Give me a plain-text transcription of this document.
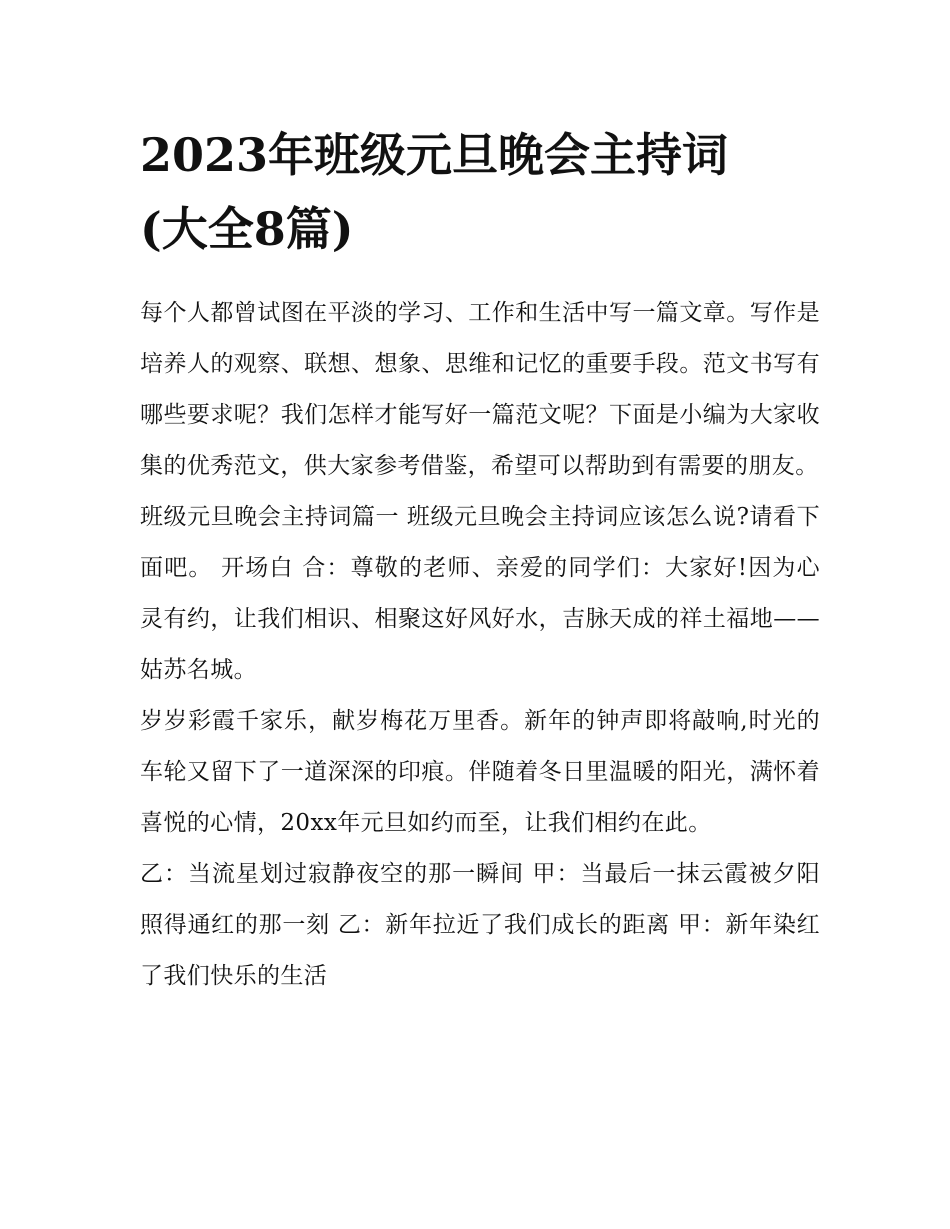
2023年班级元旦晚会主持词
(大全8篇)

每个人都曾试图在平淡的学习、工作和生活中写一篇文章。写作是培养人的观察、联想、想象、思维和记忆的重要手段。范文书写有哪些要求呢？我们怎样才能写好一篇范文呢？下面是小编为大家收集的优秀范文，供大家参考借鉴，希望可以帮助到有需要的朋友。

班级元旦晚会主持词篇一 班级元旦晚会主持词应该怎么说?请看下面吧。 开场白 合：尊敬的老师、亲爱的同学们：大家好!因为心灵有约，让我们相识、相聚这好风好水，吉脉天成的祥土福地——姑苏名城。

岁岁彩霞千家乐，献岁梅花万里香。新年的钟声即将敲响,时光的车轮又留下了一道深深的印痕。伴随着冬日里温暖的阳光，满怀着喜悦的心情，20xx年元旦如约而至，让我们相约在此。

乙：当流星划过寂静夜空的那一瞬间 甲：当最后一抹云霞被夕阳照得通红的那一刻 乙：新年拉近了我们成长的距离 甲：新年染红了我们快乐的生活
